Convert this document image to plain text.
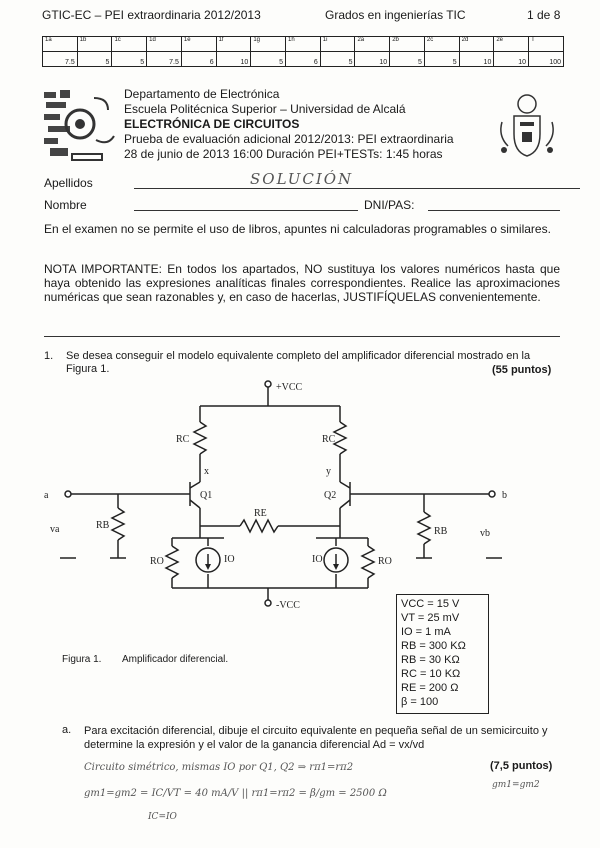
GTIC-EC – PEI extraordinaria 2012/2013	Grados en ingenierías TIC	1 de 8
1a	1b	1c	1d	1e	1f	1g	1h	1i	2a	2b	2c	2d	2e	T
7.5	5	5	7.5	6	10	5	6	5	10	5	5	10	10	100
Departamento de Electrónica
Escuela Politécnica Superior – Universidad de Alcalá
ELECTRÓNICA DE CIRCUITOS
Prueba de evaluación adicional 2012/2013: PEI extraordinaria
28 de junio de 2013 16:00 Duración PEI+TESTs: 1:45 horas
Apellidos	SOLUCIÓN
Nombre	DNI/PAS:
En el examen no se permite el uso de libros, apuntes ni calculadoras programables o similares.
NOTA IMPORTANTE: En todos los apartados, NO sustituya los valores numéricos hasta que haya obtenido las expresiones analíticas finales correspondientes. Realice las aproximaciones numéricas que sean razonables y, en caso de hacerlas, JUSTIFÍQUELAS convenientemente.
1. Se desea conseguir el modelo equivalente completo del amplificador diferencial mostrado en la Figura 1.	(55 puntos)
+VCC
-VCC
RC	RC
x	y
Q1	Q2
RE
RB
RB
RO	RO
IO	IO
a	b
va	vb
Figura 1. Amplificador diferencial.
VCC = 15 V
VT = 25 mV
IO = 1 mA
RB = 300 KΩ
RB = 30 KΩ
RC = 10 KΩ
RE = 200 Ω
β = 100
a. Para excitación diferencial, dibuje el circuito equivalente en pequeña señal de un semicircuito y determine la expresión y el valor de la ganancia diferencial Ad = vx/vd
(7,5 puntos)
Circuito simétrico, mismas IO por Q1, Q2 ⇒ rπ1=rπ2
gm1=gm2
gm1=gm2 = IC/VT = 40 mA/V || rπ1=rπ2 = β/gm = 2500 Ω
IC=IO
